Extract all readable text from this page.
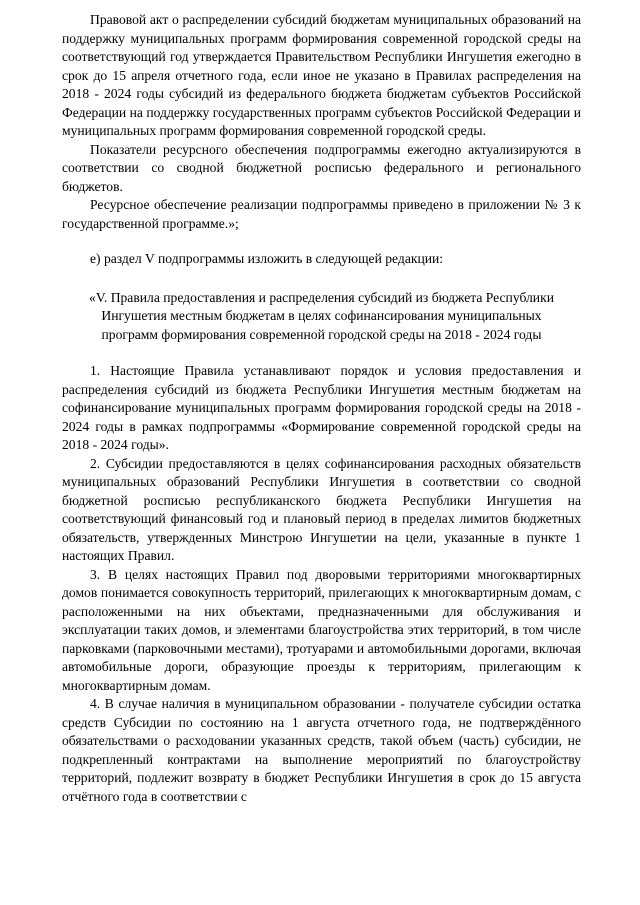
Правовой акт о распределении субсидий бюджетам муниципальных образований на поддержку муниципальных программ формирования современной городской среды на соответствующий год утверждается Правительством Республики Ингушетия ежегодно в срок до 15 апреля отчетного года, если иное не указано в Правилах распределения на 2018 - 2024 годы субсидий из федерального бюджета бюджетам субъектов Российской Федерации на поддержку государственных программ субъектов Российской Федерации и муниципальных программ формирования современной городской среды.

Показатели ресурсного обеспечения подпрограммы ежегодно актуализируются в соответствии со сводной бюджетной росписью федерального и регионального бюджетов.

Ресурсное обеспечение реализации подпрограммы приведено в приложении № 3 к государственной программе.»;

е) раздел V подпрограммы изложить в следующей редакции:

«V. Правила предоставления и распределения субсидий из бюджета Республики Ингушетия местным бюджетам в целях софинансирования муниципальных программ формирования современной городской среды на 2018 - 2024 годы

1. Настоящие Правила устанавливают порядок и условия предоставления и распределения субсидий из бюджета Республики Ингушетия местным бюджетам на софинансирование муниципальных программ формирования городской среды на 2018 - 2024 годы в рамках подпрограммы «Формирование современной городской среды на 2018 - 2024 годы».

2. Субсидии предоставляются в целях софинансирования расходных обязательств муниципальных образований Республики Ингушетия в соответствии со сводной бюджетной росписью республиканского бюджета Республики Ингушетия на соответствующий финансовый год и плановый период в пределах лимитов бюджетных обязательств, утвержденных Минстрою Ингушетии на цели, указанные в пункте 1 настоящих Правил.

3. В целях настоящих Правил под дворовыми территориями многоквартирных домов понимается совокупность территорий, прилегающих к многоквартирным домам, с расположенными на них объектами, предназначенными для обслуживания и эксплуатации таких домов, и элементами благоустройства этих территорий, в том числе парковками (парковочными местами), тротуарами и автомобильными дорогами, включая автомобильные дороги, образующие проезды к территориям, прилегающим к многоквартирным домам.

4. В случае наличия в муниципальном образовании - получателе субсидии остатка средств Субсидии по состоянию на 1 августа отчетного года, не подтверждённого обязательствами о расходовании указанных средств, такой объем (часть) субсидии, не подкрепленный контрактами на выполнение мероприятий по благоустройству территорий, подлежит возврату в бюджет Республики Ингушетия в срок до 15 августа отчётного года в соответствии с
